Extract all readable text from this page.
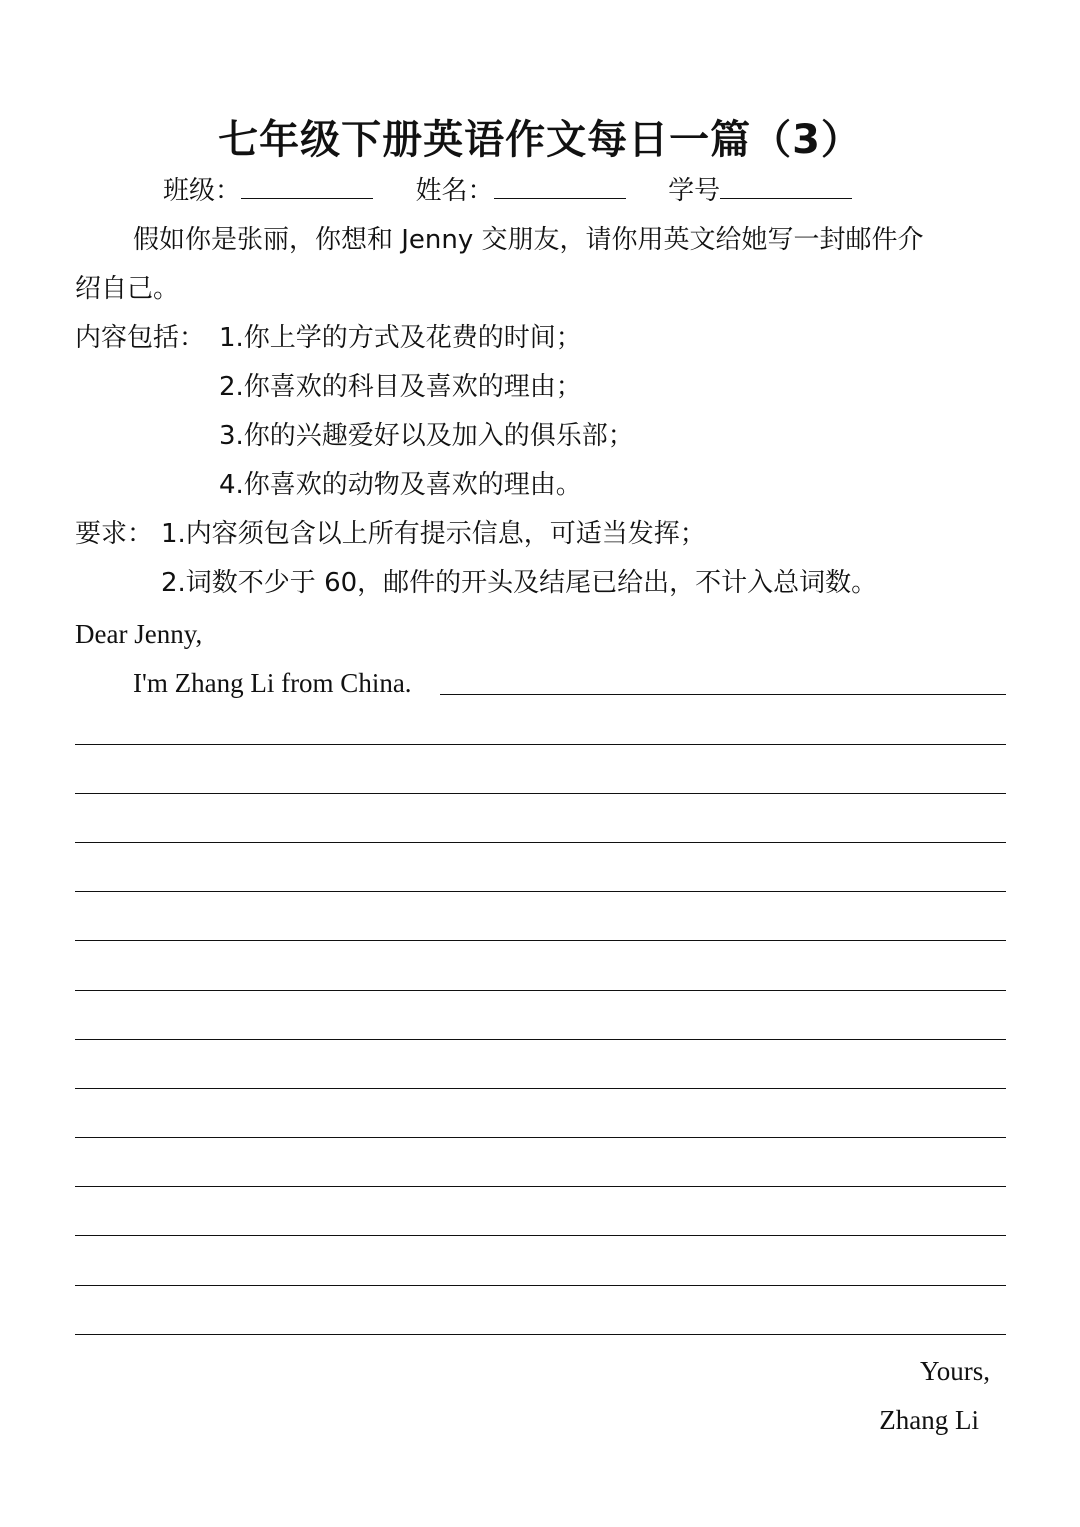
七年级下册英语作文每日一篇（3）
班级：	姓名：	学号
假如你是张丽，你想和 Jenny 交朋友，请你用英文给她写一封邮件介
绍自己。
内容包括： 1.你上学的方式及花费的时间；
2.你喜欢的科目及喜欢的理由；
3.你的兴趣爱好以及加入的俱乐部；
4.你喜欢的动物及喜欢的理由。
要求： 1.内容须包含以上所有提示信息，可适当发挥；
2.词数不少于 60，邮件的开头及结尾已给出，不计入总词数。
Dear Jenny,
I'm Zhang Li from China.
Yours,
Zhang Li
